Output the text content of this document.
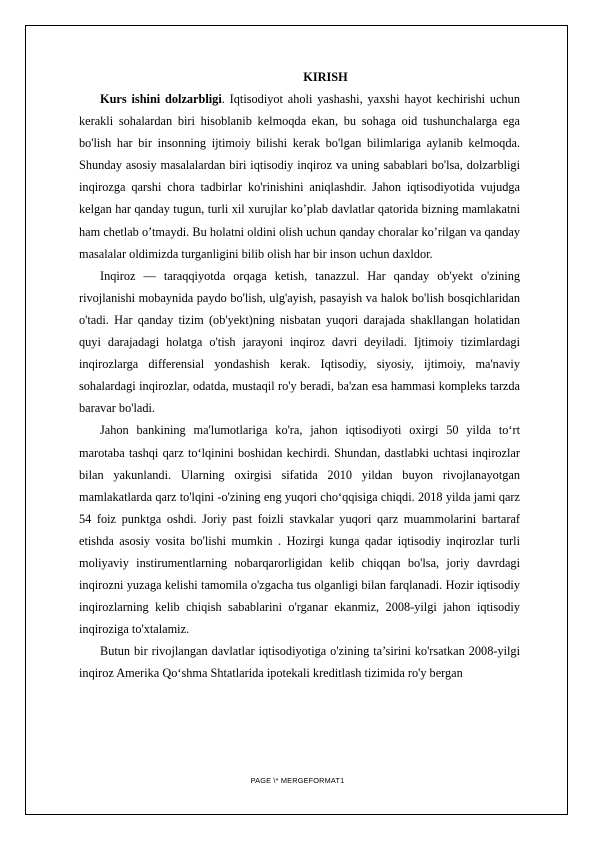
KIRISH

Kurs ishini dolzarbligi. Iqtisodiyot aholi yashashi, yaxshi hayot kechirishi uchun kerakli sohalardan biri hisoblanib kelmoqda ekan, bu sohaga oid tushunchalarga ega bo'lish har bir insonning ijtimoiy bilishi kerak bo'lgan bilimlariga aylanib kelmoqda. Shunday asosiy masalalardan biri iqtisodiy inqiroz va uning sabablari bo'lsa, dolzarbligi inqirozga qarshi chora tadbirlar ko'rinishini aniqlashdir. Jahon iqtisodiyotida vujudga kelgan har qanday tugun, turli xil xurujlar ko’plab davlatlar qatorida bizning mamlakatni ham chetlab o’tmaydi. Bu holatni oldini olish uchun qanday choralar ko’rilgan va qanday masalalar oldimizda turganligini bilib olish har bir inson uchun daxldor.

Inqiroz — taraqqiyotda orqaga ketish, tanazzul. Har qanday ob'yekt o'zining rivojlanishi mobaynida paydo bo'lish, ulg'ayish, pasayish va halok bo'lish bosqichlaridan o'tadi. Har qanday tizim (ob'yekt)ning nisbatan yuqori darajada shakllangan holatidan quyi darajadagi holatga o'tish jarayoni inqiroz davri deyiladi. Ijtimoiy tizimlardagi inqirozlarga differensial yondashish kerak. Iqtisodiy, siyosiy, ijtimoiy, ma'naviy sohalardagi inqirozlar, odatda, mustaqil ro'y beradi, ba'zan esa hammasi kompleks tarzda baravar bo'ladi.

Jahon bankining ma'lumotlariga ko'ra, jahon iqtisodiyoti oxirgi 50 yilda to‘rt marotaba tashqi qarz to‘lqinini boshidan kechirdi. Shundan, dastlabki uchtasi inqirozlar bilan yakunlandi. Ularning oxirgisi sifatida 2010 yildan buyon rivojlanayotgan mamlakatlarda qarz to'lqini -o'zining eng yuqori cho‘qqisiga chiqdi. 2018 yilda jami qarz 54 foiz punktga oshdi. Joriy past foizli stavkalar yuqori qarz muammolarini bartaraf etishda asosiy vosita bo'lishi mumkin . Hozirgi kunga qadar iqtisodiy inqirozlar turli moliyaviy instirumentlarning nobarqarorligidan kelib chiqqan bo'lsa, joriy davrdagi inqirozni yuzaga kelishi tamomila o'zgacha tus olganligi bilan farqlanadi. Hozir iqtisodiy inqirozlarning kelib chiqish sabablarini o'rganar ekanmiz, 2008-yilgi jahon iqtisodiy inqiroziga to'xtalamiz.

Butun bir rivojlangan davlatlar iqtisodiyotiga o'zining ta’sirini ko'rsatkan 2008-yilgi inqiroz Amerika Qo‘shma Shtatlarida ipotekali kreditlash tizimida ro'y bergan

PAGE \* MERGEFORMAT1
